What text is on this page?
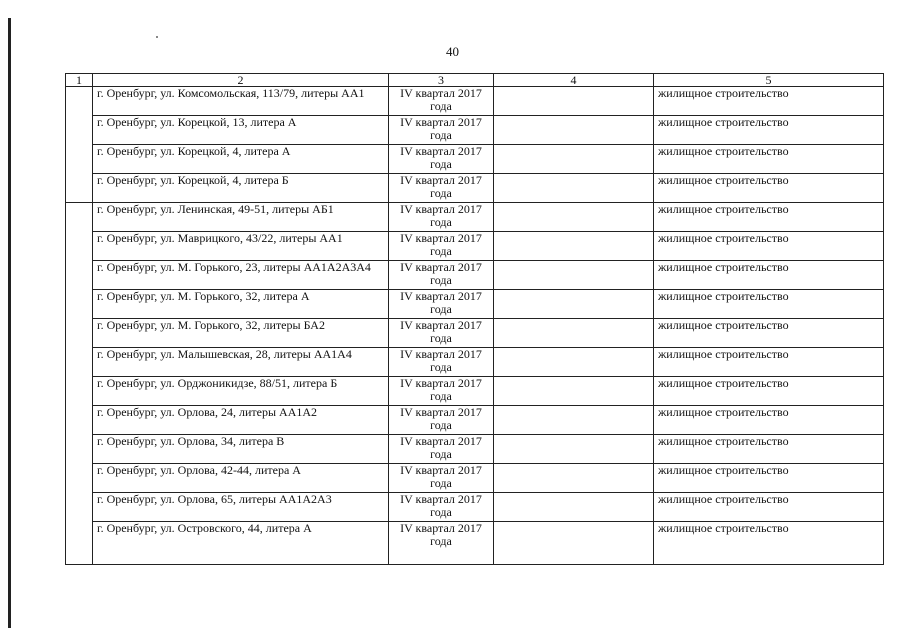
40
1	2	3	4	5
	г. Оренбург, ул. Комсомольская, 113/79, литеры АА1	IV квартал 2017 года		жилищное строительство
	г. Оренбург, ул. Корецкой, 13, литера А	IV квартал 2017 года		жилищное строительство
	г. Оренбург, ул. Корецкой, 4, литера А	IV квартал 2017 года		жилищное строительство
	г. Оренбург, ул. Корецкой, 4, литера Б	IV квартал 2017 года		жилищное строительство
	г. Оренбург, ул. Ленинская, 49-51, литеры АБ1	IV квартал 2017 года		жилищное строительство
	г. Оренбург, ул. Маврицкого, 43/22, литеры АА1	IV квартал 2017 года		жилищное строительство
	г. Оренбург, ул. М. Горького, 23, литеры АА1А2А3А4	IV квартал 2017 года		жилищное строительство
	г. Оренбург, ул. М. Горького, 32, литера А	IV квартал 2017 года		жилищное строительство
	г. Оренбург, ул. М. Горького, 32, литеры БА2	IV квартал 2017 года		жилищное строительство
	г. Оренбург, ул. Малышевская, 28, литеры АА1А4	IV квартал 2017 года		жилищное строительство
	г. Оренбург, ул. Орджоникидзе, 88/51, литера Б	IV квартал 2017 года		жилищное строительство
	г. Оренбург, ул. Орлова, 24, литеры АА1А2	IV квартал 2017 года		жилищное строительство
	г. Оренбург, ул. Орлова, 34, литера В	IV квартал 2017 года		жилищное строительство
	г. Оренбург, ул. Орлова, 42-44, литера А	IV квартал 2017 года		жилищное строительство
	г. Оренбург, ул. Орлова, 65, литеры АА1А2А3	IV квартал 2017 года		жилищное строительство
	г. Оренбург, ул. Островского, 44, литера А	IV квартал 2017 года		жилищное строительство
